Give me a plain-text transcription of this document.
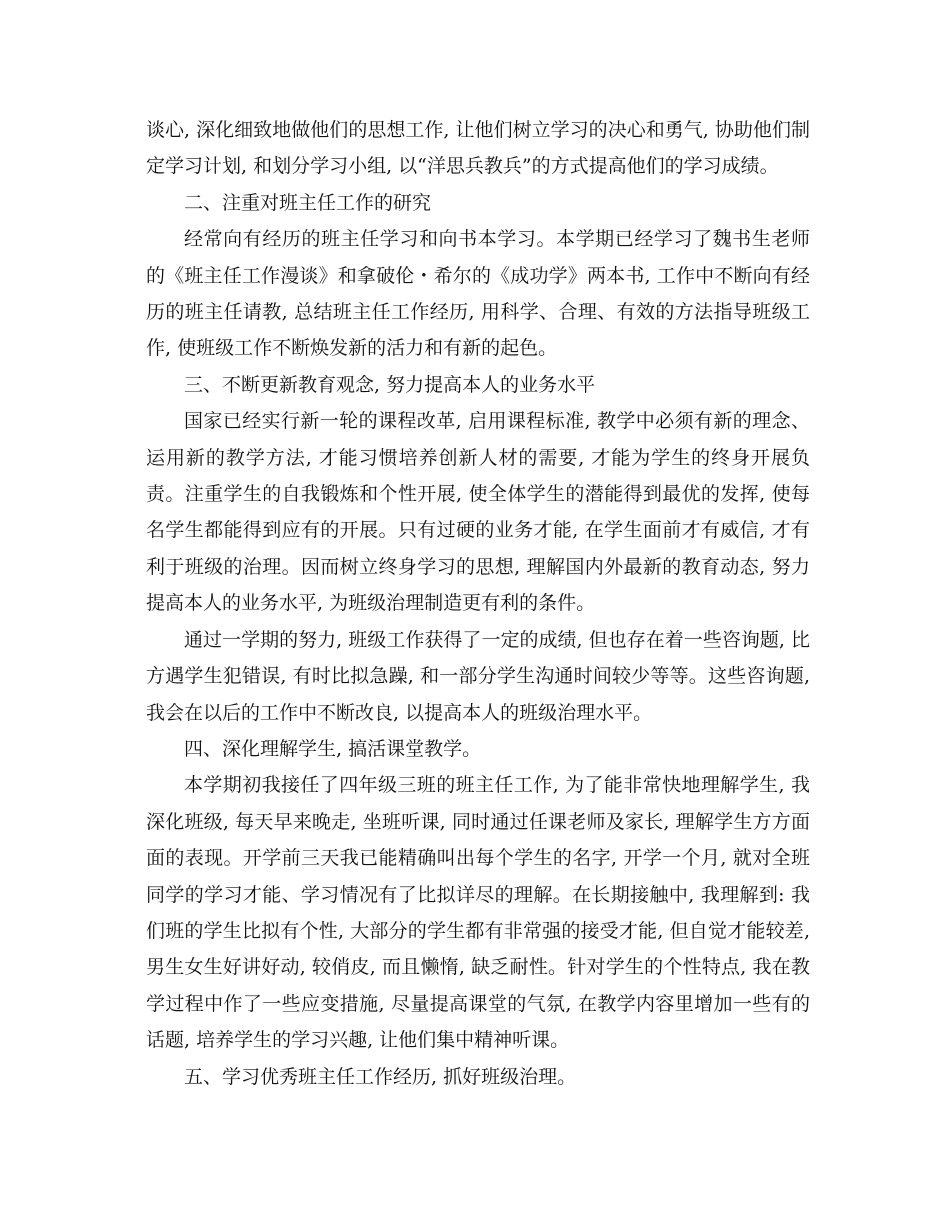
谈心, 深化细致地做他们的思想工作, 让他们树立学习的决心和勇气, 协助他们制定学习计划, 和划分学习小组, 以“洋思兵教兵”的方式提高他们的学习成绩。

二、注重对班主任工作的研究

经常向有经历的班主任学习和向书本学习。本学期已经学习了魏书生老师的《班主任工作漫谈》和拿破伦・希尔的《成功学》两本书, 工作中不断向有经历的班主任请教, 总结班主任工作经历, 用科学、合理、有效的方法指导班级工作, 使班级工作不断焕发新的活力和有新的起色。

三、不断更新教育观念, 努力提高本人的业务水平

国家已经实行新一轮的课程改革, 启用课程标准, 教学中必须有新的理念、运用新的教学方法, 才能习惯培养创新人材的需要, 才能为学生的终身开展负责。注重学生的自我锻炼和个性开展, 使全体学生的潜能得到最优的发挥, 使每名学生都能得到应有的开展。只有过硬的业务才能, 在学生面前才有威信, 才有利于班级的治理。因而树立终身学习的思想, 理解国内外最新的教育动态, 努力提高本人的业务水平, 为班级治理制造更有利的条件。

通过一学期的努力, 班级工作获得了一定的成绩, 但也存在着一些咨询题, 比方遇学生犯错误, 有时比拟急躁, 和一部分学生沟通时间较少等等。这些咨询题, 我会在以后的工作中不断改良, 以提高本人的班级治理水平。

四、深化理解学生, 搞活课堂教学。

本学期初我接任了四年级三班的班主任工作, 为了能非常快地理解学生, 我深化班级, 每天早来晚走, 坐班听课, 同时通过任课老师及家长, 理解学生方方面面的表现。开学前三天我已能精确叫出每个学生的名字, 开学一个月, 就对全班同学的学习才能、学习情况有了比拟详尽的理解。在长期接触中, 我理解到: 我们班的学生比拟有个性, 大部分的学生都有非常强的接受才能, 但自觉才能较差, 男生女生好讲好动, 较俏皮, 而且懒惰, 缺乏耐性。针对学生的个性特点, 我在教学过程中作了一些应变措施, 尽量提高课堂的气氛, 在教学内容里增加一些有的话题, 培养学生的学习兴趣, 让他们集中精神听课。

五、学习优秀班主任工作经历, 抓好班级治理。
